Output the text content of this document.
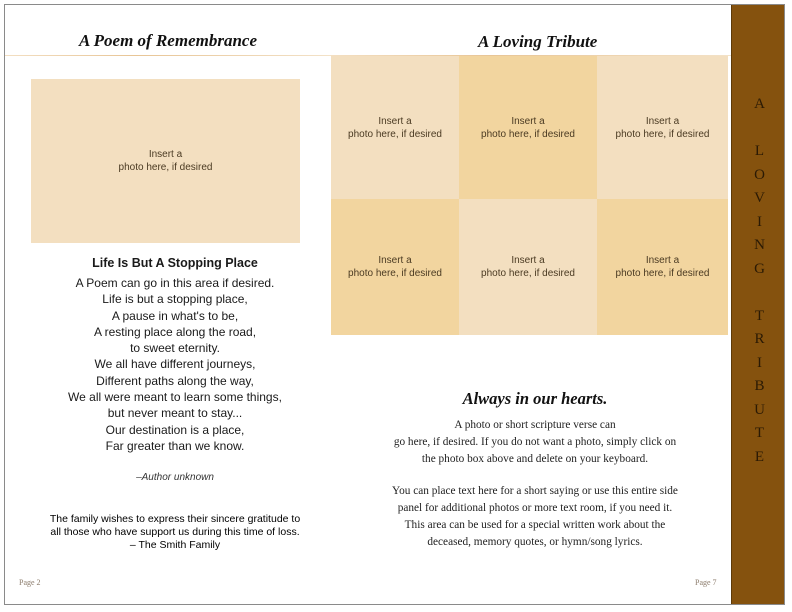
A Poem of Remembrance
Insert a
photo here, if desired
Life Is But A Stopping Place
A Poem can go in this area if desired.
Life is but a stopping place,
A pause in what's to be,
A resting place along the road,
to sweet eternity.
We all have different journeys,
Different paths along the way,
We all were meant to learn some things,
but never meant to stay...
Our destination is a place,
Far greater than we know.
–Author unknown
The family wishes to express their sincere gratitude to
all those who have support us during this time of loss.
– The Smith Family
Page 2
A Loving Tribute
Insert a
photo here, if desired
Insert a
photo here, if desired
Insert a
photo here, if desired
Insert a
photo here, if desired
Insert a
photo here, if desired
Insert a
photo here, if desired
Always in our hearts.
A photo or short scripture verse can
go here, if desired. If you do not want a photo, simply click on
the photo box above and delete on your keyboard.
You can place text here for a short saying or use this entire side
panel for additional photos or more text room, if you need it.
This area can be used for a special written work about the
deceased, memory quotes, or hymn/song lyrics.
Page 7
A
L
O
V
I
N
G
T
R
I
B
U
T
E
